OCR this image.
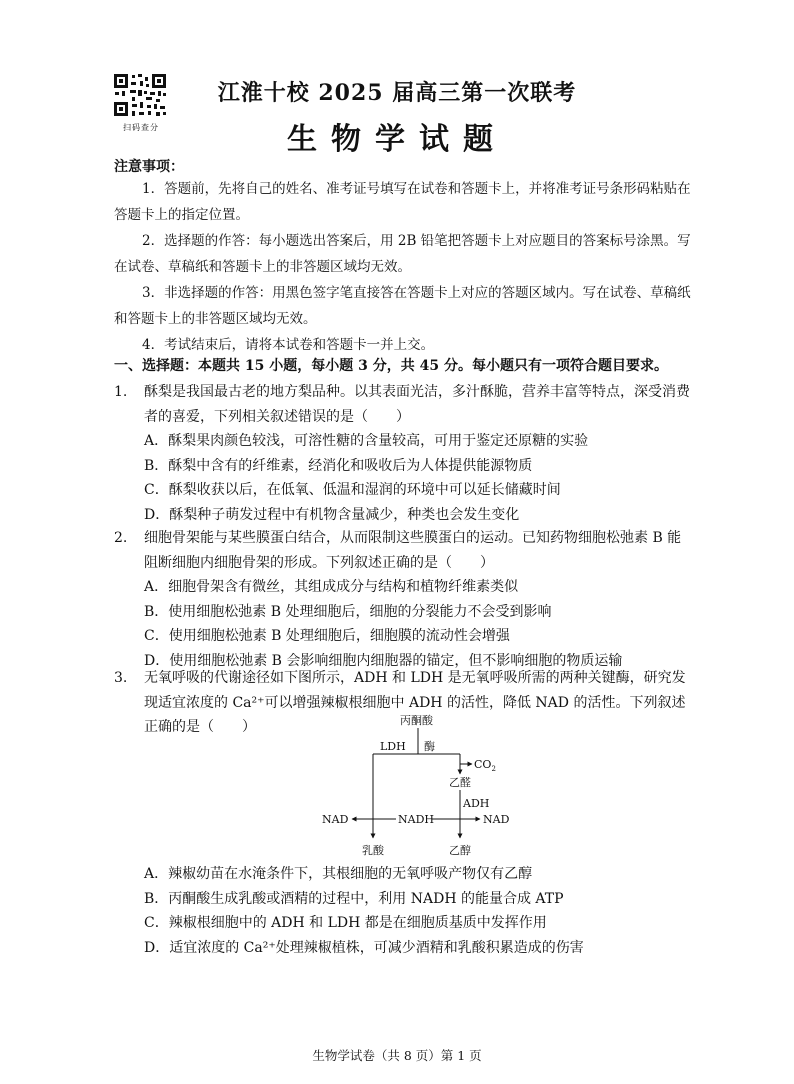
扫码查分
江淮十校 2025 届高三第一次联考
生物学试题
注意事项：

1．答题前，先将自己的姓名、准考证号填写在试卷和答题卡上，并将准考证号条形码粘贴在答题卡上的指定位置。

2．选择题的作答：每小题选出答案后，用 2B 铅笔把答题卡上对应题目的答案标号涂黑。写在试卷、草稿纸和答题卡上的非答题区域均无效。

3．非选择题的作答：用黑色签字笔直接答在答题卡上对应的答题区域内。写在试卷、草稿纸和答题卡上的非答题区域均无效。

4．考试结束后，请将本试卷和答题卡一并上交。

一、选择题：本题共 15 小题，每小题 3 分，共 45 分。每小题只有一项符合题目要求。
1. 酥梨是我国最古老的地方梨品种。以其表面光洁，多汁酥脆，营养丰富等特点，深受消费者的喜爱，下列相关叙述错误的是（　　）
A．酥梨果肉颜色较浅，可溶性糖的含量较高，可用于鉴定还原糖的实验
B．酥梨中含有的纤维素，经消化和吸收后为人体提供能源物质
C．酥梨收获以后，在低氧、低温和湿润的环境中可以延长储藏时间
D．酥梨种子萌发过程中有机物含量减少，种类也会发生变化
2. 细胞骨架能与某些膜蛋白结合，从而限制这些膜蛋白的运动。已知药物细胞松弛素 B 能阻断细胞内细胞骨架的形成。下列叙述正确的是（　　）
A．细胞骨架含有微丝，其组成成分与结构和植物纤维素类似
B．使用细胞松弛素 B 处理细胞后，细胞的分裂能力不会受到影响
C．使用细胞松弛素 B 处理细胞后，细胞膜的流动性会增强
D．使用细胞松弛素 B 会影响细胞内细胞器的锚定，但不影响细胞的物质运输
3. 无氧呼吸的代谢途径如下图所示，ADH 和 LDH 是无氧呼吸所需的两种关键酶，研究发现适宜浓度的 Ca²⁺可以增强辣椒根细胞中 ADH 的活性，降低 NAD 的活性。下列叙述正确的是（　　）	丙酮酸
LDH 酶
$CO_2$
乙醛
ADH
NAD	NADH	NAD
乳酸	乙醇
A．辣椒幼苗在水淹条件下，其根细胞的无氧呼吸产物仅有乙醇
B．丙酮酸生成乳酸或酒精的过程中，利用 NADH 的能量合成 ATP
C．辣椒根细胞中的 ADH 和 LDH 都是在细胞质基质中发挥作用
D．适宜浓度的 Ca²⁺处理辣椒植株，可减少酒精和乳酸积累造成的伤害
生物学试卷（共 8 页）第 1 页
